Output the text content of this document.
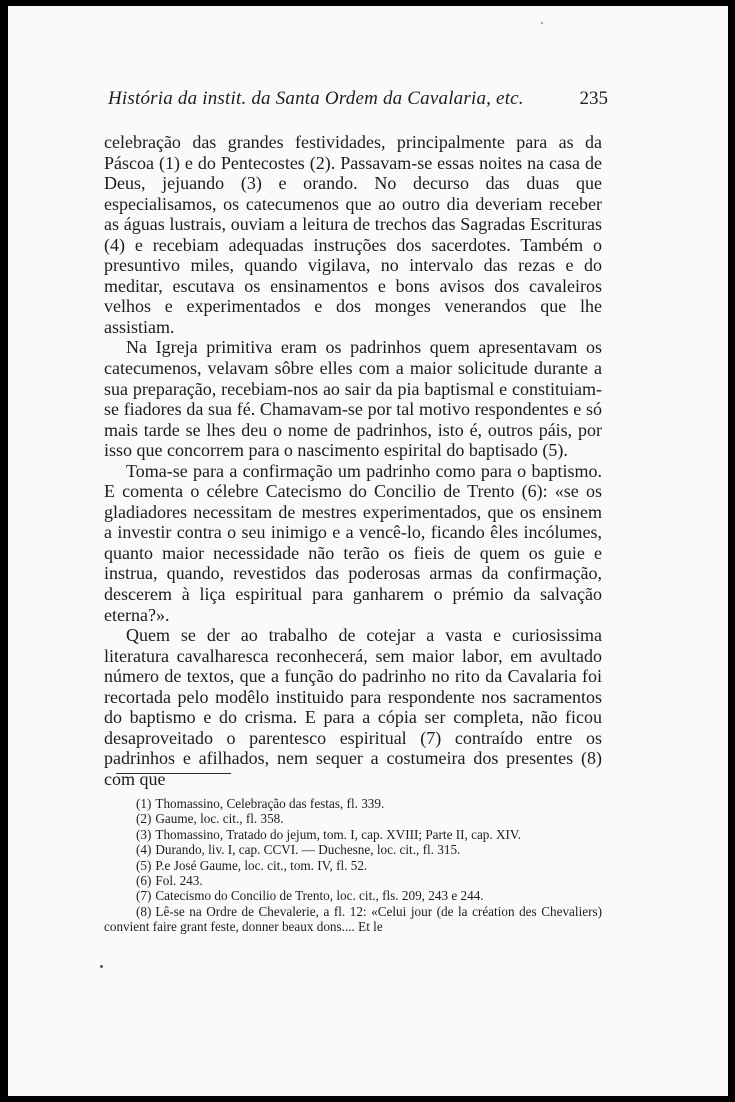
História da instit. da Santa Ordem da Cavalaria, etc.	235

celebração das grandes festividades, principalmente para as da Páscoa (1) e do Pentecostes (2). Passavam-se essas noites na casa de Deus, jejuando (3) e orando. No decurso das duas que especialisamos, os catecumenos que ao outro dia deveriam receber as águas lustrais, ouviam a leitura de trechos das Sagradas Escrituras (4) e recebiam adequadas instruções dos sacerdotes. Também o presuntivo miles, quando vigilava, no intervalo das rezas e do meditar, escutava os ensinamentos e bons avisos dos cavaleiros velhos e experimentados e dos monges venerandos que lhe assistiam.

Na Igreja primitiva eram os padrinhos quem apresentavam os catecumenos, velavam sôbre elles com a maior solicitude durante a sua preparação, recebiam-nos ao sair da pia baptismal e constituiam-se fiadores da sua fé. Chamavam-se por tal motivo respondentes e só mais tarde se lhes deu o nome de padrinhos, isto é, outros páis, por isso que concorrem para o nascimento espirital do baptisado (5).

Toma-se para a confirmação um padrinho como para o baptismo. E comenta o célebre Catecismo do Concilio de Trento (6): «se os gladiadores necessitam de mestres experimentados, que os ensinem a investir contra o seu inimigo e a vencê-lo, ficando êles incólumes, quanto maior necessidade não terão os fieis de quem os guie e instrua, quando, revestidos das poderosas armas da confirmação, descerem à liça espiritual para ganharem o prémio da salvação eterna?».

Quem se der ao trabalho de cotejar a vasta e curiosissima literatura cavalharesca reconhecerá, sem maior labor, em avultado número de textos, que a função do padrinho no rito da Cavalaria foi recortada pelo modêlo instituido para respondente nos sacramentos do baptismo e do crisma. E para a cópia ser completa, não ficou desaproveitado o parentesco espiritual (7) contraído entre os padrinhos e afilhados, nem sequer a costumeira dos presentes (8) com que

(1) Thomassino, Celebração das festas, fl. 339.

(2) Gaume, loc. cit., fl. 358.

(3) Thomassino, Tratado do jejum, tom. I, cap. XVIII; Parte II, cap. XIV.

(4) Durando, liv. I, cap. CCVI. — Duchesne, loc. cit., fl. 315.

(5) P.e José Gaume, loc. cit., tom. IV, fl. 52.

(6) Fol. 243.

(7) Catecismo do Concilio de Trento, loc. cit., fls. 209, 243 e 244.

(8) Lê-se na Ordre de Chevalerie, a fl. 12: «Celui jour (de la création des Chevaliers) convient faire grant feste, donner beaux dons.... Et le
